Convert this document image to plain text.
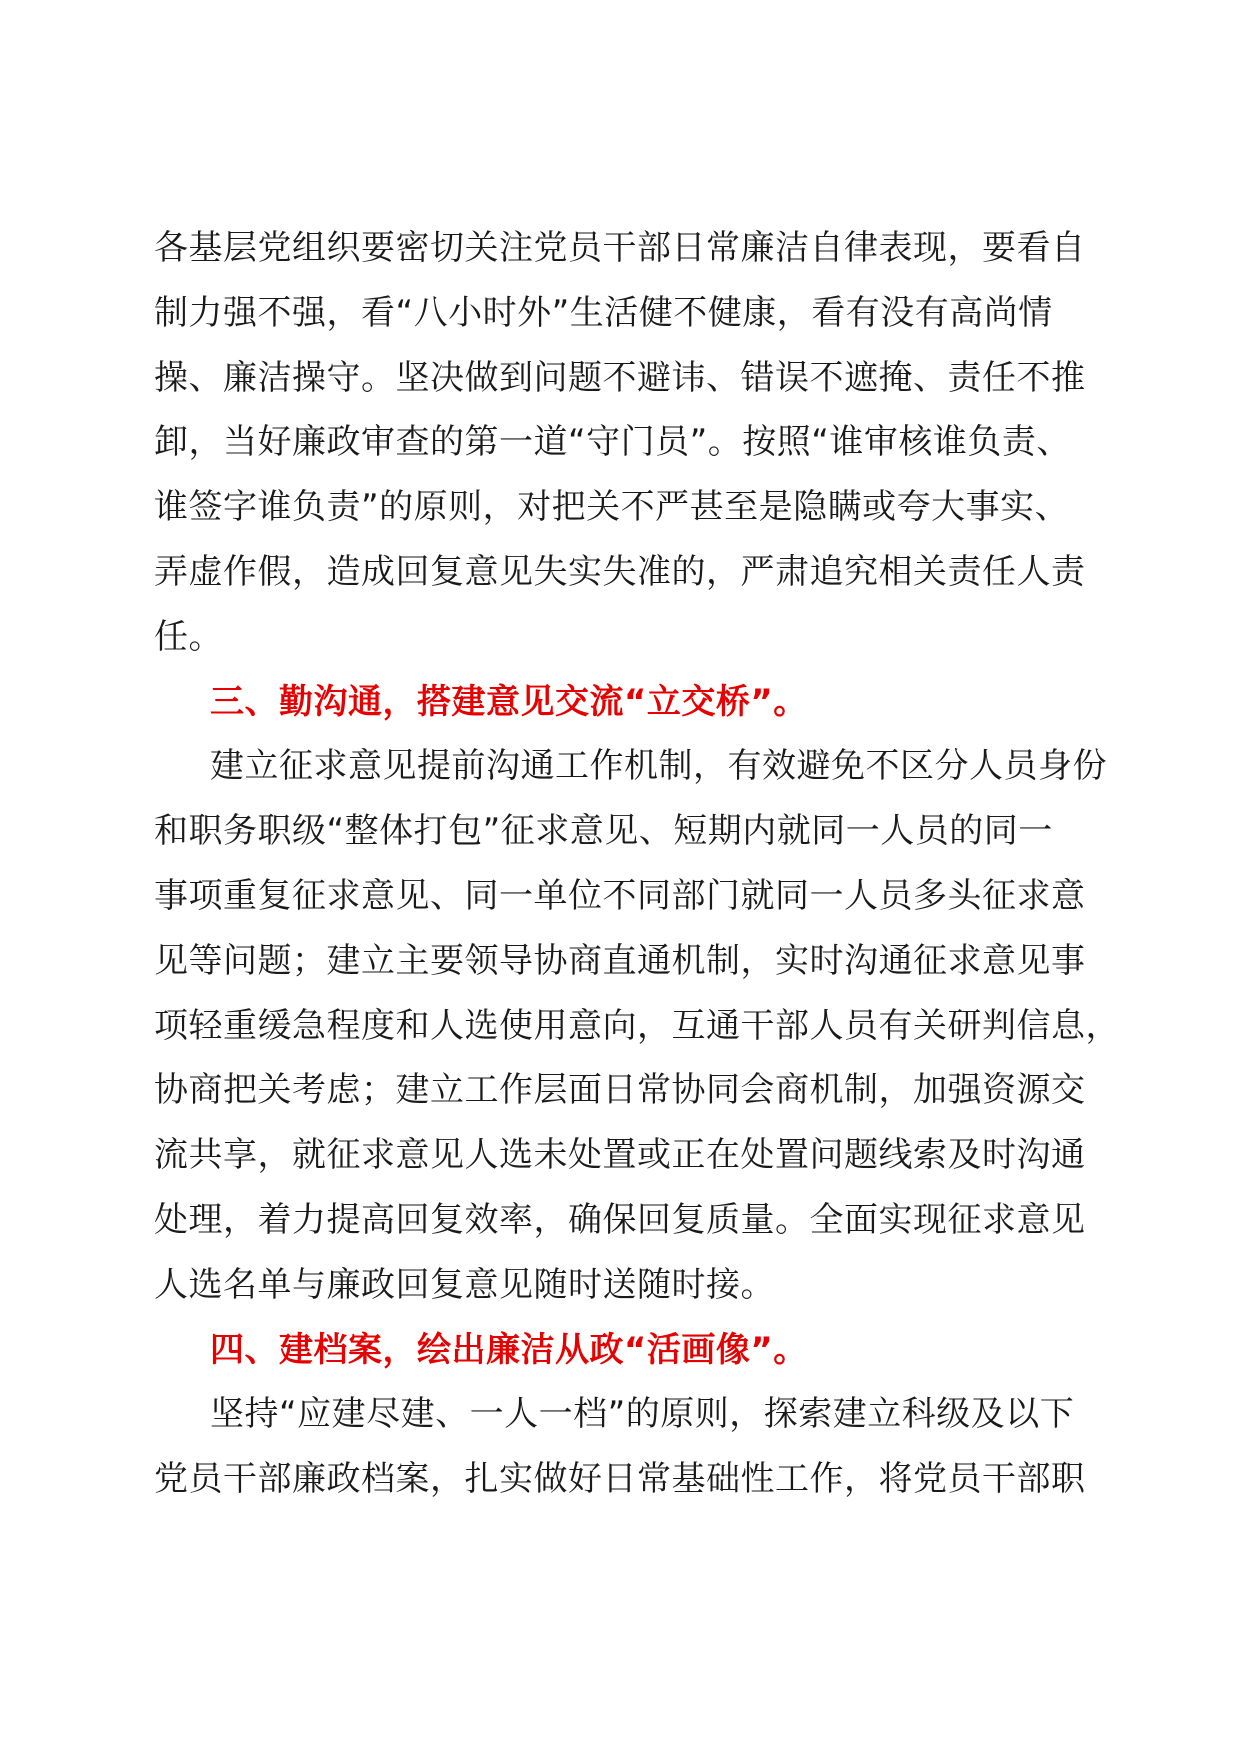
各基层党组织要密切关注党员干部日常廉洁自律表现，要看自
制力强不强，看“八小时外”生活健不健康，看有没有高尚情
操、廉洁操守。坚决做到问题不避讳、错误不遮掩、责任不推
卸，当好廉政审查的第一道“守门员”。按照“谁审核谁负责、
谁签字谁负责”的原则，对把关不严甚至是隐瞒或夸大事实、
弄虚作假，造成回复意见失实失准的，严肃追究相关责任人责
任。
三、勤沟通，搭建意见交流“立交桥”。
建立征求意见提前沟通工作机制，有效避免不区分人员身份
和职务职级“整体打包”征求意见、短期内就同一人员的同一
事项重复征求意见、同一单位不同部门就同一人员多头征求意
见等问题；建立主要领导协商直通机制，实时沟通征求意见事
项轻重缓急程度和人选使用意向，互通干部人员有关研判信息，
协商把关考虑；建立工作层面日常协同会商机制，加强资源交
流共享，就征求意见人选未处置或正在处置问题线索及时沟通
处理，着力提高回复效率，确保回复质量。全面实现征求意见
人选名单与廉政回复意见随时送随时接。
四、建档案，绘出廉洁从政“活画像”。
坚持“应建尽建、一人一档”的原则，探索建立科级及以下
党员干部廉政档案，扎实做好日常基础性工作，将党员干部职
